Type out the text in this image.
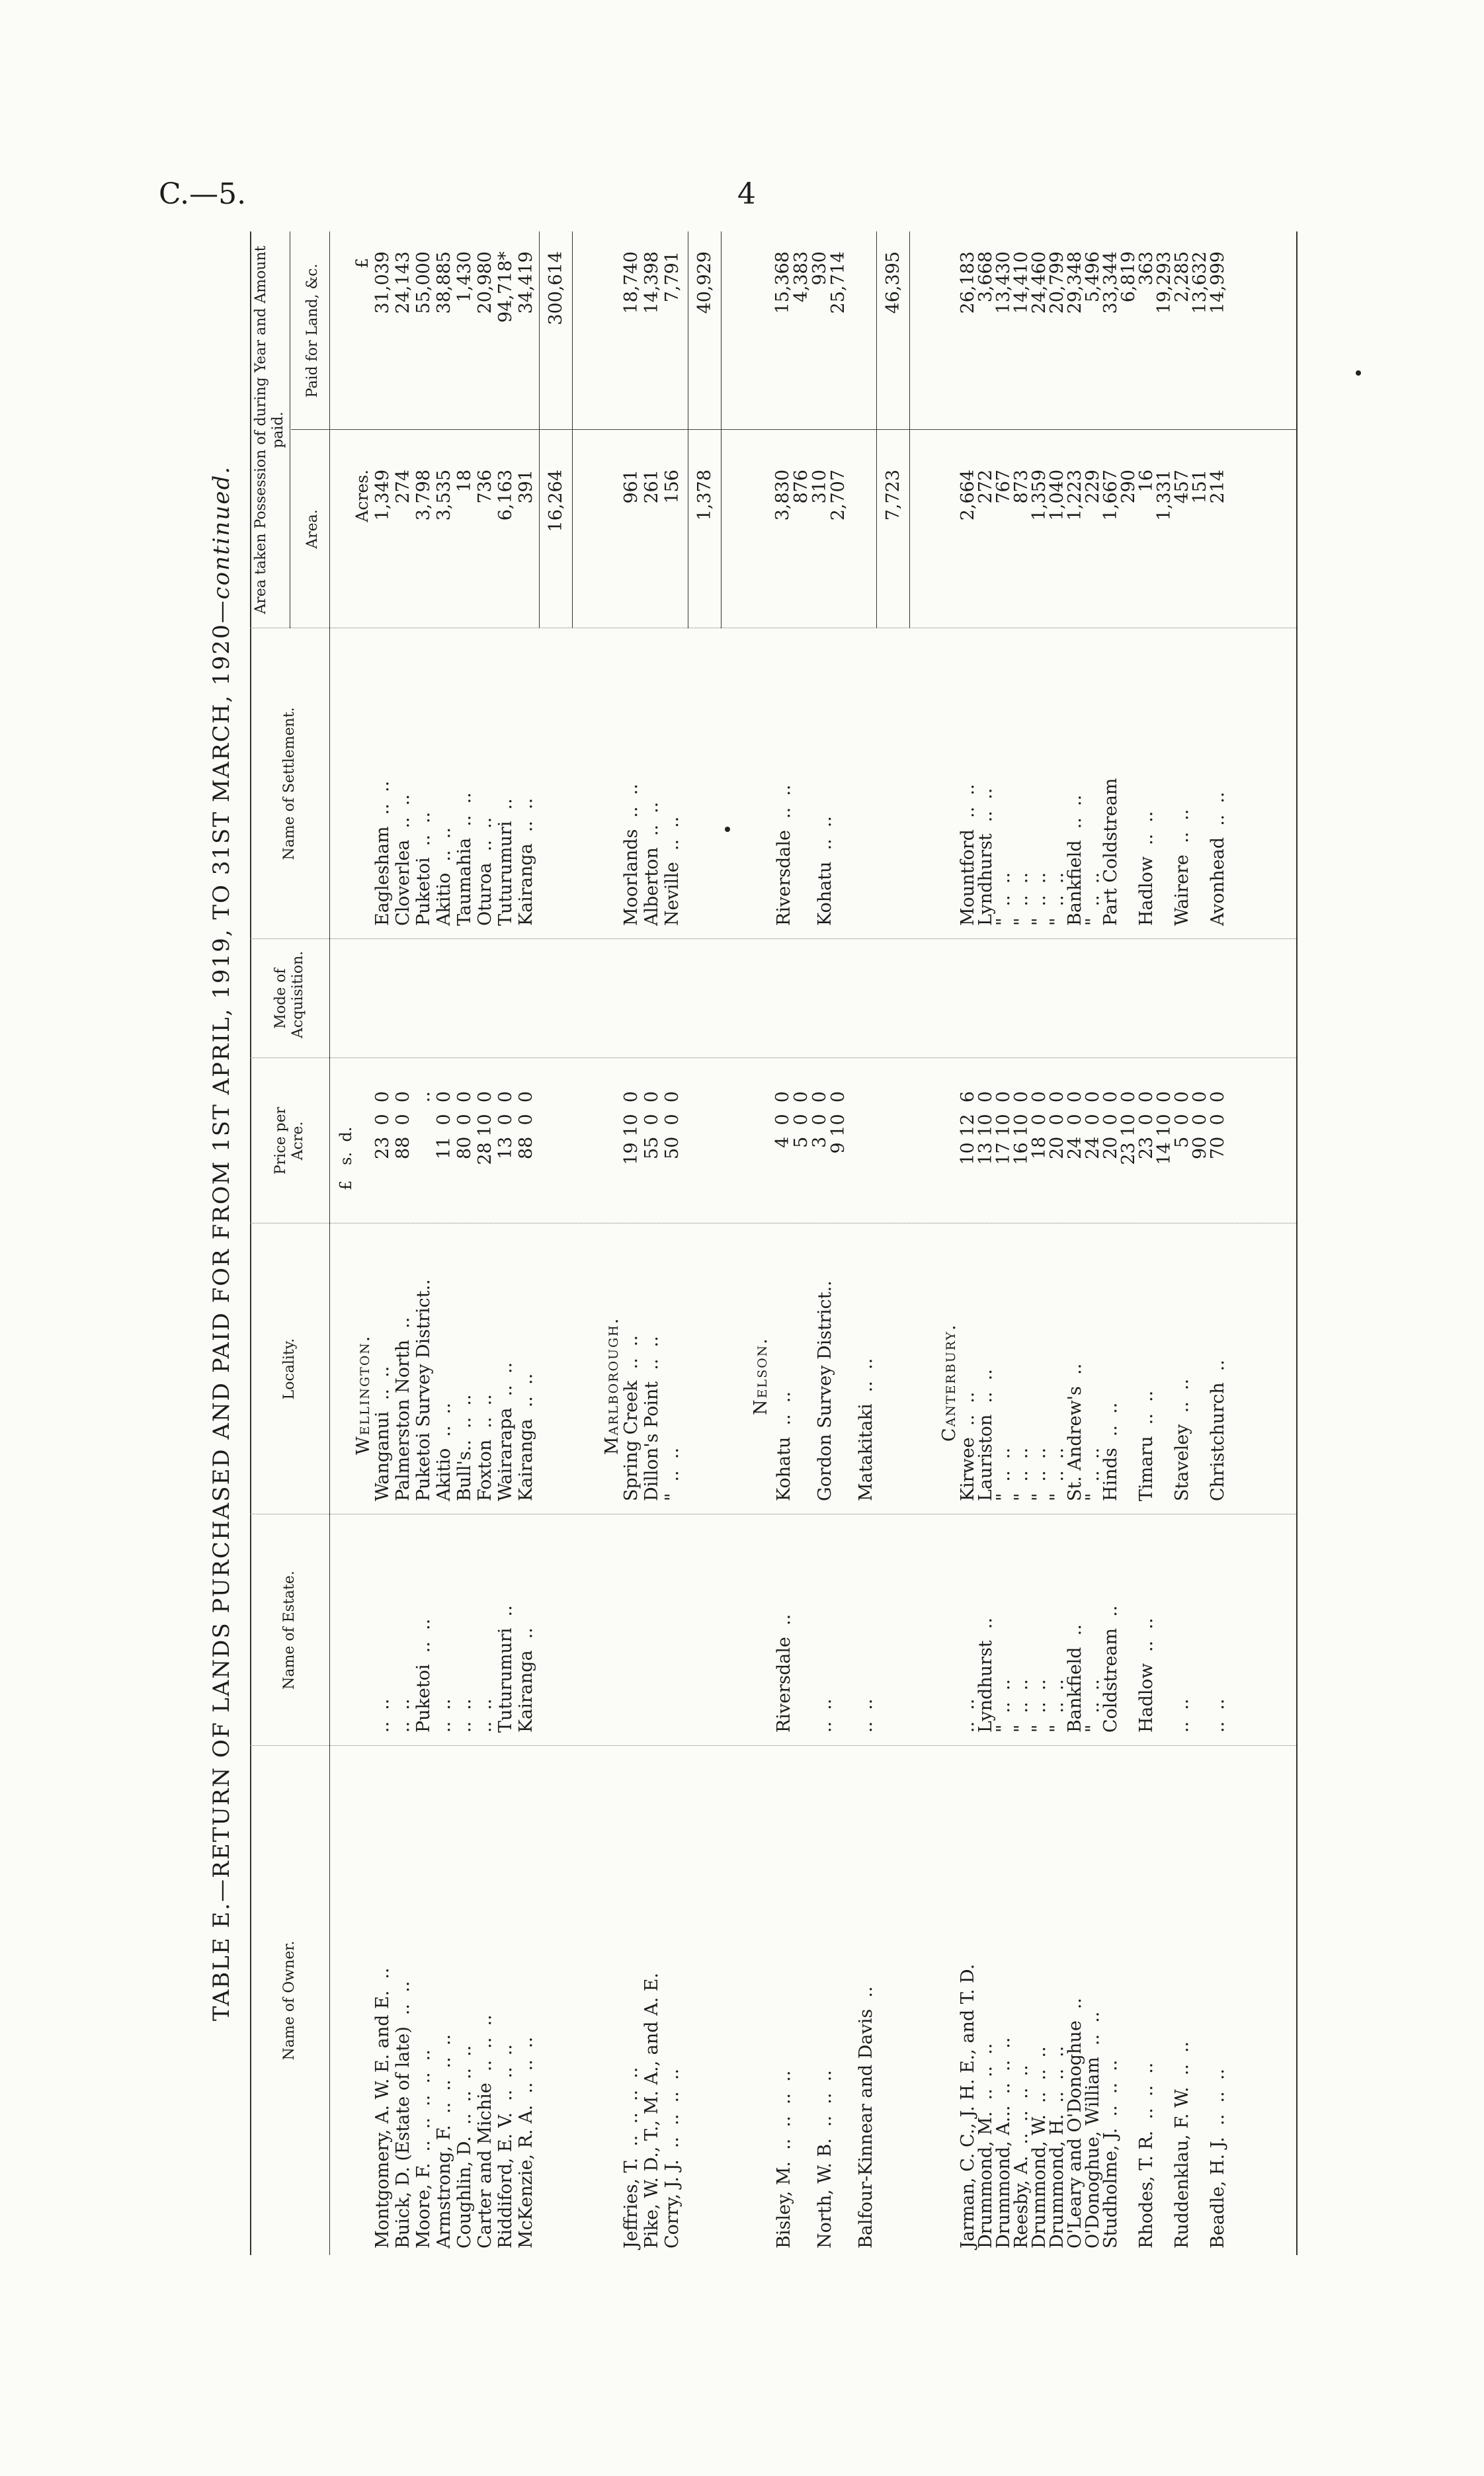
C.—5.	4
TABLE E.—RETURN OF LANDS PURCHASED AND PAID FOR FROM 1ST APRIL, 1919, TO 31ST MARCH, 1920—continued.
Name of Owner.
Name of Estate.
Locality.
Price per Acre.
Mode of Acquisition.
Name of Settlement.
Area taken Possession of during Year and Amount paid.
Area.
Paid for Land, &c.
£   s.  d.
Acres.
£
Wellington.
Montgomery, A. W. E. and E.  ..
Buick, D. (Estate of late)  ..  ..
Moore, F.  ..  ..  ..  ..  ..
Armstrong, F.  ..  ..  ..  ..
Coughlin, D.  ..  ..  ..  ..
Carter and Michie  ..  ..  ..
Riddiford, E. V.  ..  ..  ..
McKenzie, R. A.  ..  ..  ..
..  ..
..  ..
Puketoi  ..  ..
..  ..
..  ..
..  ..
Tuturumuri  ..
Kairanga  ..
Wanganui  ..  ..
Palmerston North  ..
Puketoi Survey District..
Akitio  ..  ..
Bull's..  ..  ..
Foxton  ..  ..
Wairarapa  ..  ..
Kairanga  ..  ..
23  0  0
88  0  0
..
11  0  0
80  0  0
28 10  0
13  0  0
88  0  0
Eaglesham  ..  ..
Cloverlea  ..  ..
Puketoi  ..  ..
Akitio  ..  ..
Taumahia  ..  ..
Oturoa  ..  ..
Tuturumuri  ..
Kairanga  ..  ..
1,349
274
3,798
3,535
18
736
6,163
391
31,039
24,143
55,000
38,885
1,430
20,980
94,718*
34,419
16,264
300,614
Marlborough.
Jeffries, T.  ..  ..  ..  ..
Pike, W. D., T., M. A., and A. E.
Corry, J. J.  ..  ..  ..  ..
Spring Creek  ..  ..
Dillon's Point  ..  ..
"  ..  ..
19 10  0
55  0  0
50  0  0
Moorlands  ..  ..
Alberton  ..  ..
Neville  ..  ..
961
261
156
18,740
14,398
7,791
1,378
40,929
Nelson.
Bisley, M.  ..  ..  ..  ..

North, W. B.  ..  ..  ..

Balfour-Kinnear and Davis  ..
Riversdale  ..

..  ..

..  ..
Kohatu  ..  ..

Gordon Survey District..

Matakitaki  ..  ..
4  0  0
5  0  0
3  0  0
9 10  0
Riversdale  ..  ..

Kohatu  ..  ..
3,830
876
310
2,707
15,368
4,383
930
25,714
7,723
46,395
Canterbury.
Jarman, C. C., J. H. E., and T. D.
Drummond, M.  ..  ..  ..
Drummond, A...  ..  ..  ..
Reesby, A.  ..  ..  ..  ..
Drummond, W.  ..  ..  ..
Drummond, H.  ..  ..  ..
O'Leary and O'Donoghue  ..
O'Donoghue, William  ..  ..
Studholme, J.  ..  ..  ..

Rhodes, T. R.  ..  ..  ..

Ruddenklau, F. W.  ..  ..

Beadle, H. J.  ..  ..  ..
..  ..
Lyndhurst  ..
"  ..  ..
"  ..  ..
"  ..  ..
"  ..  ..
Bankfield  ..
"  ..  ..
Coldstream  ..

Hadlow  ..  ..

..  ..

..  ..
Kirwee  ..  ..
Lauriston  ..  ..
"  ..  ..
"  ..  ..
"  ..  ..
"  ..  ..
St. Andrew's  ..
"  ..  ..
Hinds  ..  ..

Timaru  ..  ..

Staveley  ..  ..

Christchurch  ..
10 12  6
13 10  0
17 10  0
16 10  0
18  0  0
20  0  0
24  0  0
24  0  0
20  0  0
23 10  0
23  0  0
14 10  0
5  0  0
90  0  0
70  0  0
Mountford  ..  ..
Lyndhurst  ..  ..
"  ..  ..
"  ..  ..
"  ..  ..
"  ..  ..
Bankfield  ..  ..
"  ..  ..
Part Coldstream

Hadlow  ..  ..

Wairere  ..  ..

Avonhead  ..  ..
2,664
272
767
873
1,359
1,040
1,223
229
1,667
290
16
1,331
457
151
214
26,183
3,668
13,430
14,410
24,460
20,799
29,348
5,496
33,344
6,819
363
19,293
2,285
13,632
14,999
